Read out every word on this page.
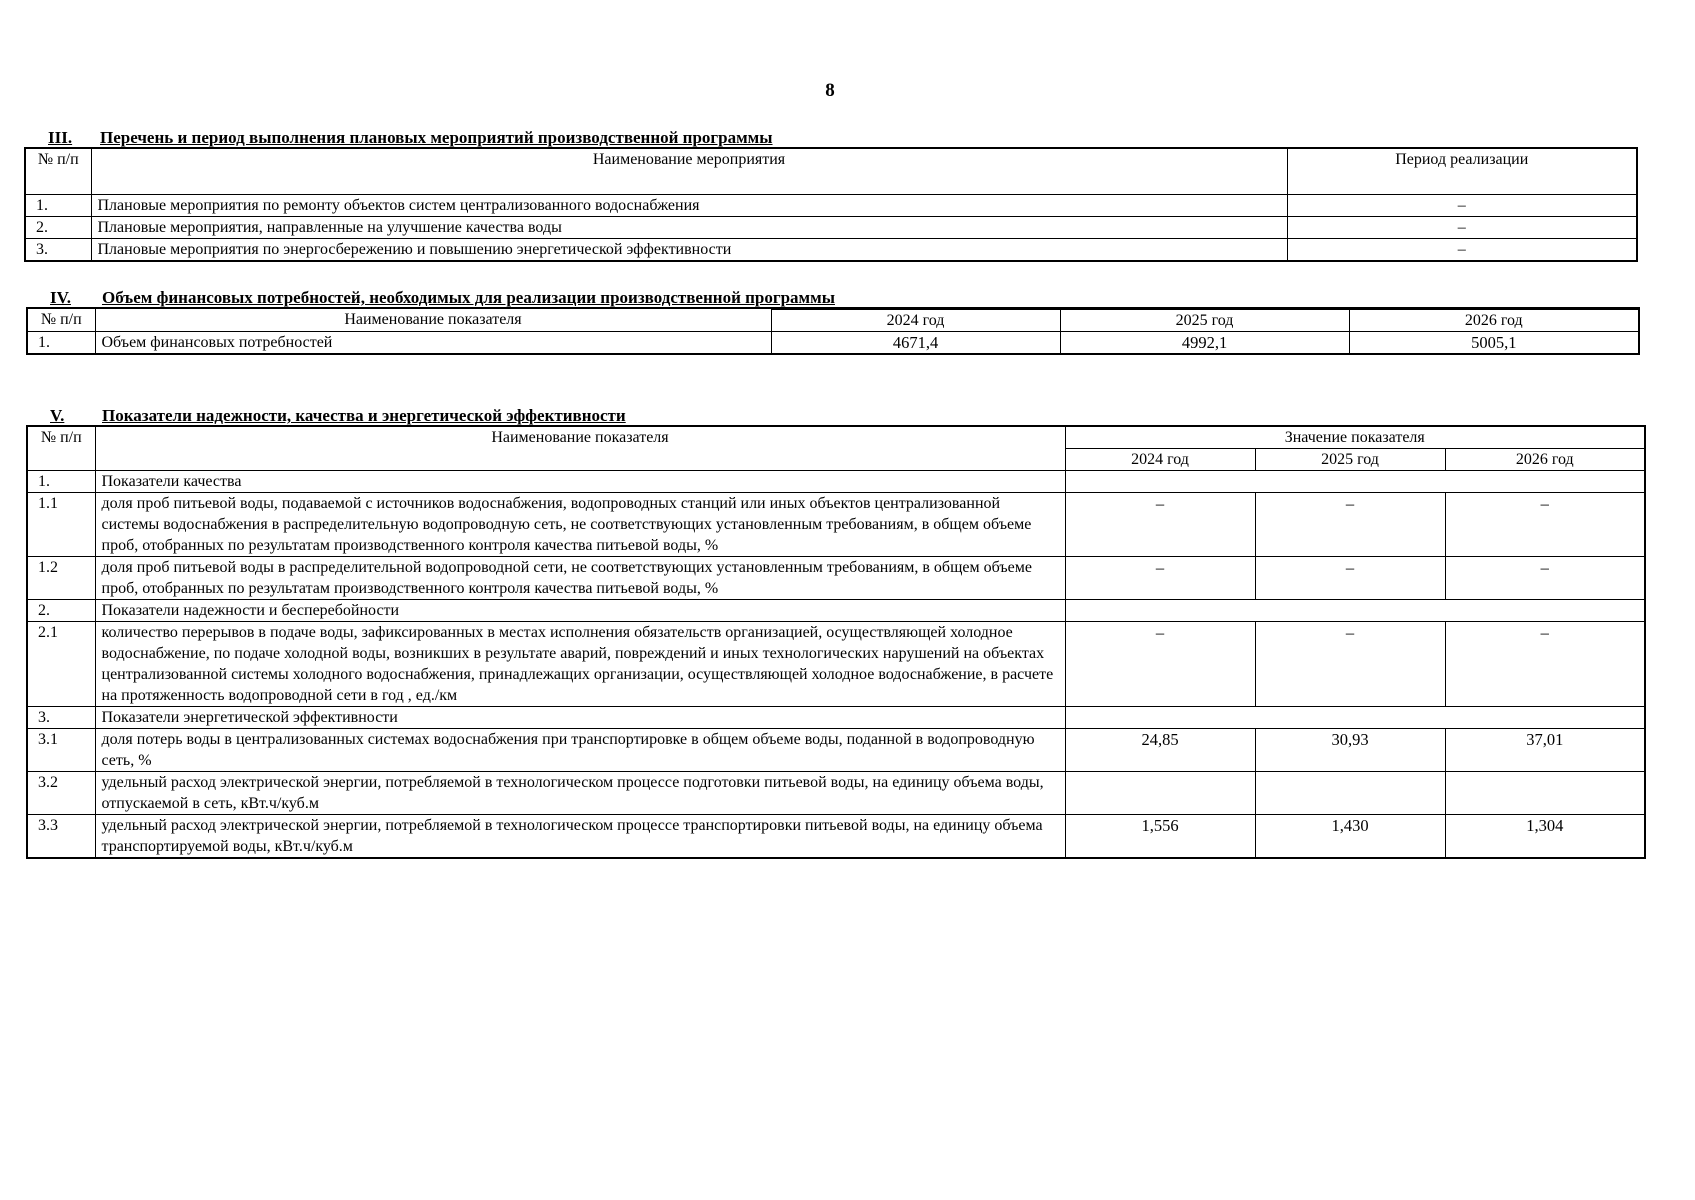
8
III.	Перечень и период выполнения плановых мероприятий производственной программы
№ п/п	Наименование мероприятия	Период реализации
1.	Плановые мероприятия по ремонту объектов систем централизованного водоснабжения	–
2.	Плановые мероприятия, направленные на улучшение качества воды	–
3.	Плановые мероприятия по энергосбережению и повышению энергетической эффективности	–
IV.	Объем финансовых потребностей, необходимых для реализации производственной программы
№ п/п	Наименование показателя			
		2024 год	2025 год	2026 год
1.	Объем финансовых потребностей	4671,4	4992,1	5005,1
V.	Показатели надежности, качества и энергетической эффективности
№ п/п	Наименование показателя	Значение показателя		
		2024 год	2025 год	2026 год
1.	Показатели качества			
1.1	доля проб питьевой воды, подаваемой с источников водоснабжения, водопроводных станций или иных объектов централизованной системы водоснабжения в распределительную водопроводную сеть, не соответствующих установленным требованиям, в общем объеме проб, отобранных по результатам производственного контроля качества питьевой воды, %	–	–	–
1.2	доля проб питьевой воды в распределительной водопроводной сети, не соответствующих установленным требованиям, в общем объеме проб, отобранных по результатам производственного контроля качества питьевой воды, %	–	–	–
2.	Показатели надежности и бесперебойности			
2.1	количество перерывов в подаче воды, зафиксированных в местах исполнения обязательств организацией, осуществляющей холодное водоснабжение, по подаче холодной воды, возникших в результате аварий, повреждений и иных технологических нарушений на объектах централизованной системы холодного водоснабжения, принадлежащих организации, осуществляющей холодное водоснабжение, в расчете на протяженность водопроводной сети в год , ед./км	–	–	–
3.	Показатели энергетической эффективности			
3.1	доля потерь воды в централизованных системах водоснабжения при транспортировке в общем объеме воды, поданной в водопроводную сеть, %	24,85	30,93	37,01
3.2	удельный расход электрической энергии, потребляемой в технологическом процессе подготовки питьевой воды, на единицу объема воды, отпускаемой в сеть, кВт.ч/куб.м			
3.3	удельный расход электрической энергии, потребляемой в технологическом процессе транспортировки питьевой воды, на единицу объема транспортируемой воды, кВт.ч/куб.м	1,556	1,430	1,304
